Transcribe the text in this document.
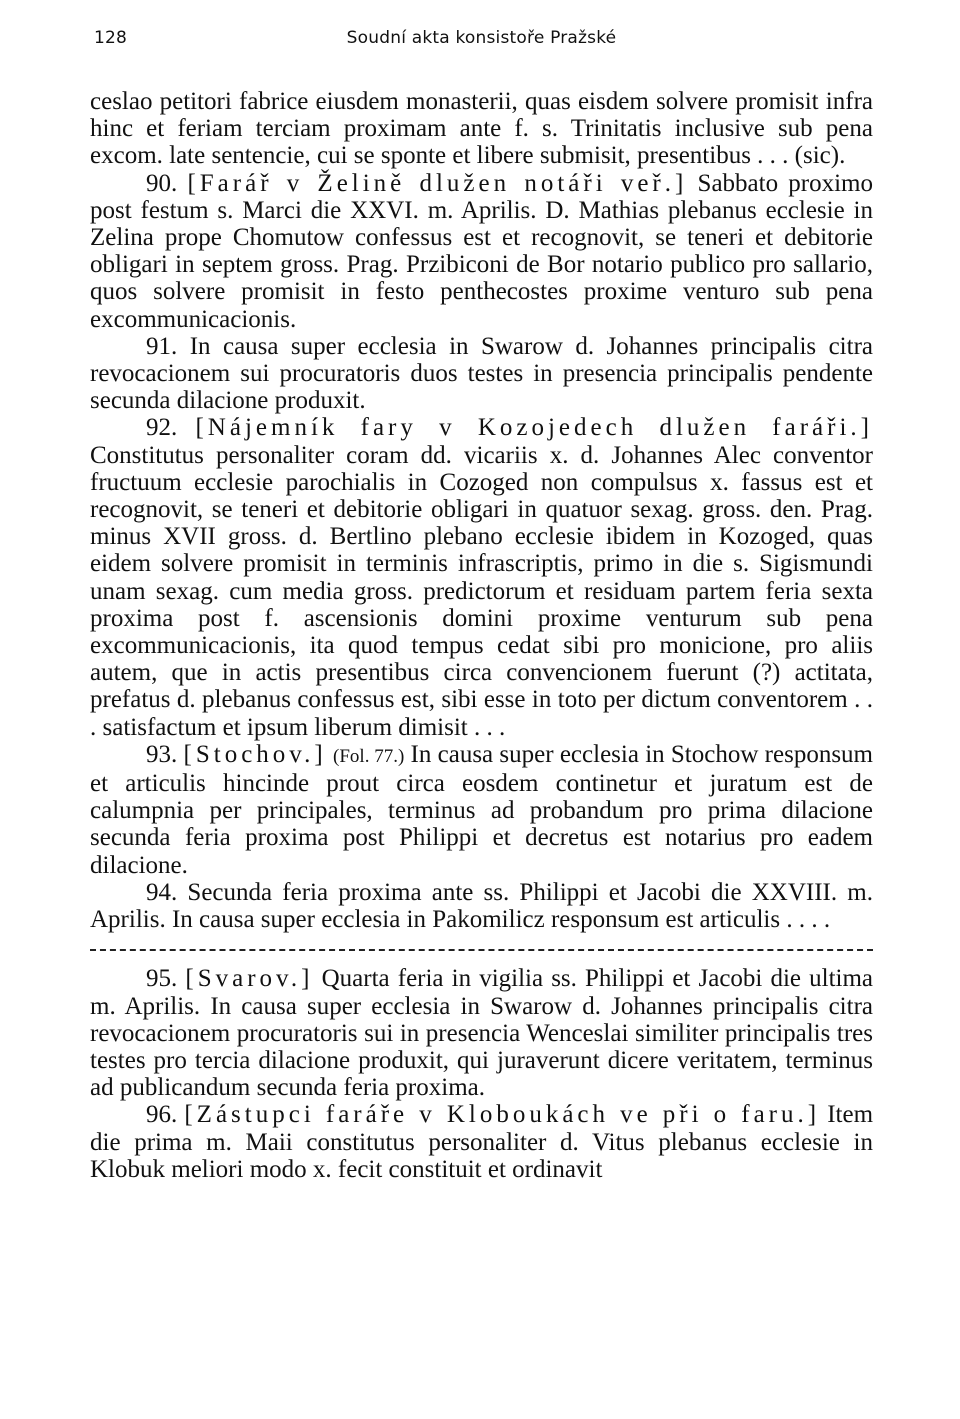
128	Soudní akta konsistoře Pražské

ceslao petitori fabrice eiusdem monasterii, quas eisdem solvere promisit infra hinc et feriam terciam proximam ante f. s. Trinitatis inclusive sub pena excom. late sentencie, cui se sponte et libere submisit, presentibus . . . (sic).

90. [Farář v Želině dlužen notáři veř.] Sabbato proximo post festum s. Marci die XXVI. m. Aprilis. D. Mathias plebanus ecclesie in Zelina prope Chomutow confessus est et recognovit, se teneri et debitorie obligari in septem gross. Prag. Przibiconi de Bor notario publico pro sallario, quos solvere promisit in festo penthecostes proxime venturo sub pena excommunicacionis.

91. In causa super ecclesia in Swarow d. Johannes principalis citra revocacionem sui procuratoris duos testes in presencia principalis pendente secunda dilacione produxit.

92. [Nájemník fary v Kozojedech dlužen faráři.] Constitutus personaliter coram dd. vicariis x. d. Johannes Alec conventor fructuum ecclesie parochialis in Cozoged non compulsus x. fassus est et recognovit, se teneri et debitorie obligari in quatuor sexag. gross. den. Prag. minus XVII gross. d. Bertlino plebano ecclesie ibidem in Kozoged, quas eidem solvere promisit in terminis infrascriptis, primo in die s. Sigismundi unam sexag. cum media gross. predictorum et residuam partem feria sexta proxima post f. ascensionis domini proxime venturum sub pena excommunicacionis, ita quod tempus cedat sibi pro monicione, pro aliis autem, que in actis presentibus circa convencionem fuerunt (?) actitata, prefatus d. plebanus confessus est, sibi esse in toto per dictum conventorem . . . satisfactum et ipsum liberum dimisit . . .

93. [Stochov.] (Fol. 77.) In causa super ecclesia in Stochow responsum et articulis hincinde prout circa eosdem continetur et juratum est de calumpnia per principales, terminus ad probandum pro prima dilacione secunda feria proxima post Philippi et decretus est notarius pro eadem dilacione.

94. Secunda feria proxima ante ss. Philippi et Jacobi die XXVIII. m. Aprilis. In causa super ecclesia in Pakomilicz responsum est articulis . . . .

95. [Svarov.] Quarta feria in vigilia ss. Philippi et Jacobi die ultima m. Aprilis. In causa super ecclesia in Swarow d. Johannes principalis citra revocacionem procuratoris sui in presencia Wenceslai similiter principalis tres testes pro tercia dilacione produxit, qui juraverunt dicere veritatem, terminus ad publicandum secunda feria proxima.

96. [Zástupci faráře v Kloboukách ve při o faru.] Item die prima m. Maii constitutus personaliter d. Vitus plebanus ecclesie in Klobuk meliori modo x. fecit constituit et ordinavit
